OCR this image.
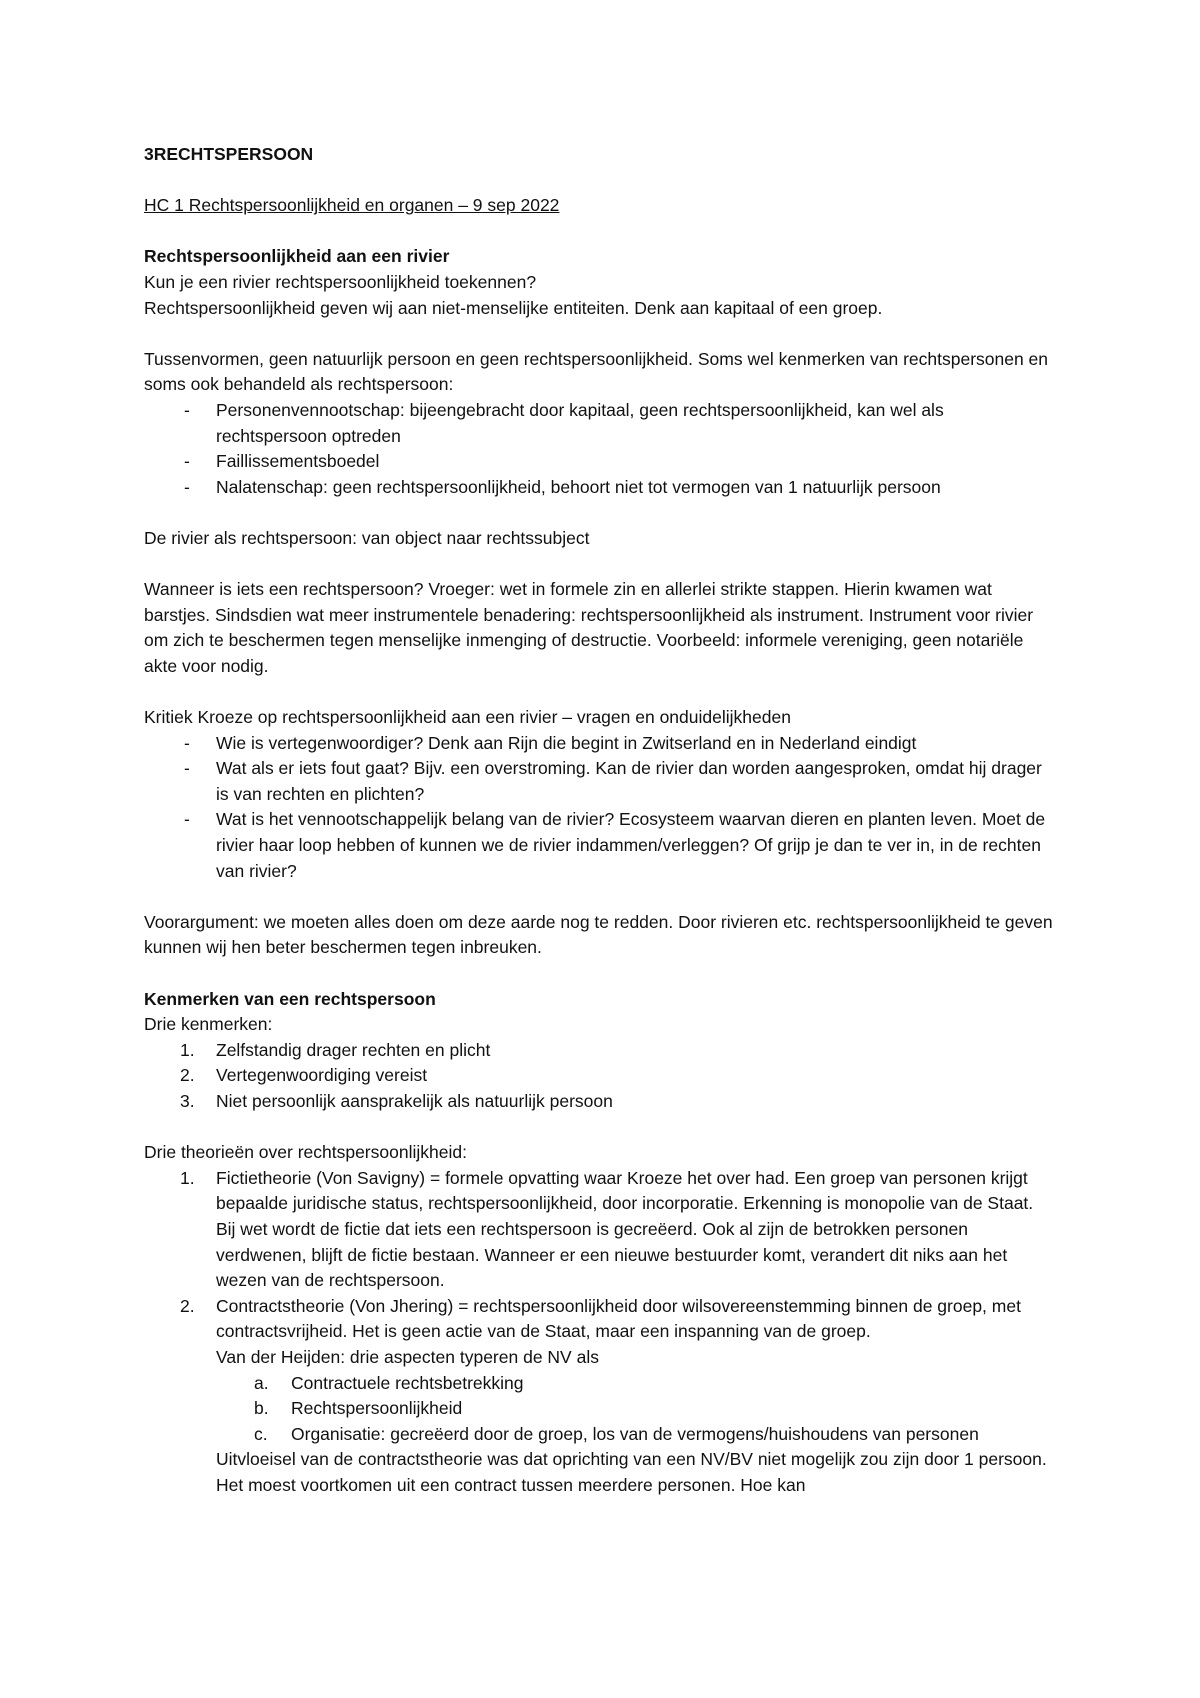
3RECHTSPERSOON

HC 1 Rechtspersoonlijkheid en organen – 9 sep 2022

Rechtspersoonlijkheid aan een rivier

Kun je een rivier rechtspersoonlijkheid toekennen?

Rechtspersoonlijkheid geven wij aan niet-menselijke entiteiten. Denk aan kapitaal of een groep.

Tussenvormen, geen natuurlijk persoon en geen rechtspersoonlijkheid. Soms wel kenmerken van rechtspersonen en soms ook behandeld als rechtspersoon:

- Personenvennootschap: bijeengebracht door kapitaal, geen rechtspersoonlijkheid, kan wel als rechtspersoon optreden

- Faillissementsboedel

- Nalatenschap: geen rechtspersoonlijkheid, behoort niet tot vermogen van 1 natuurlijk persoon

De rivier als rechtspersoon: van object naar rechtssubject

Wanneer is iets een rechtspersoon? Vroeger: wet in formele zin en allerlei strikte stappen. Hierin kwamen wat barstjes. Sindsdien wat meer instrumentele benadering: rechtspersoonlijkheid als instrument. Instrument voor rivier om zich te beschermen tegen menselijke inmenging of destructie. Voorbeeld: informele vereniging, geen notariële akte voor nodig.

Kritiek Kroeze op rechtspersoonlijkheid aan een rivier – vragen en onduidelijkheden

- Wie is vertegenwoordiger? Denk aan Rijn die begint in Zwitserland en in Nederland eindigt

- Wat als er iets fout gaat? Bijv. een overstroming. Kan de rivier dan worden aangesproken, omdat hij drager is van rechten en plichten?

- Wat is het vennootschappelijk belang van de rivier? Ecosysteem waarvan dieren en planten leven. Moet de rivier haar loop hebben of kunnen we de rivier indammen/verleggen? Of grijp je dan te ver in, in de rechten van rivier?

Voorargument: we moeten alles doen om deze aarde nog te redden. Door rivieren etc. rechtspersoonlijkheid te geven kunnen wij hen beter beschermen tegen inbreuken.

Kenmerken van een rechtspersoon

Drie kenmerken:

1. Zelfstandig drager rechten en plicht

2. Vertegenwoordiging vereist

3. Niet persoonlijk aansprakelijk als natuurlijk persoon

Drie theorieën over rechtspersoonlijkheid:

1. Fictietheorie (Von Savigny) = formele opvatting waar Kroeze het over had. Een groep van personen krijgt bepaalde juridische status, rechtspersoonlijkheid, door incorporatie. Erkenning is monopolie van de Staat. Bij wet wordt de fictie dat iets een rechtspersoon is gecreëerd. Ook al zijn de betrokken personen verdwenen, blijft de fictie bestaan. Wanneer er een nieuwe bestuurder komt, verandert dit niks aan het wezen van de rechtspersoon.

2. Contractstheorie (Von Jhering) = rechtspersoonlijkheid door wilsovereenstemming binnen de groep, met contractsvrijheid. Het is geen actie van de Staat, maar een inspanning van de groep.

Van der Heijden: drie aspecten typeren de NV als

a. Contractuele rechtsbetrekking

b. Rechtspersoonlijkheid

c. Organisatie: gecreëerd door de groep, los van de vermogens/huishoudens van personen

Uitvloeisel van de contractstheorie was dat oprichting van een NV/BV niet mogelijk zou zijn door 1 persoon. Het moest voortkomen uit een contract tussen meerdere personen. Hoe kan
